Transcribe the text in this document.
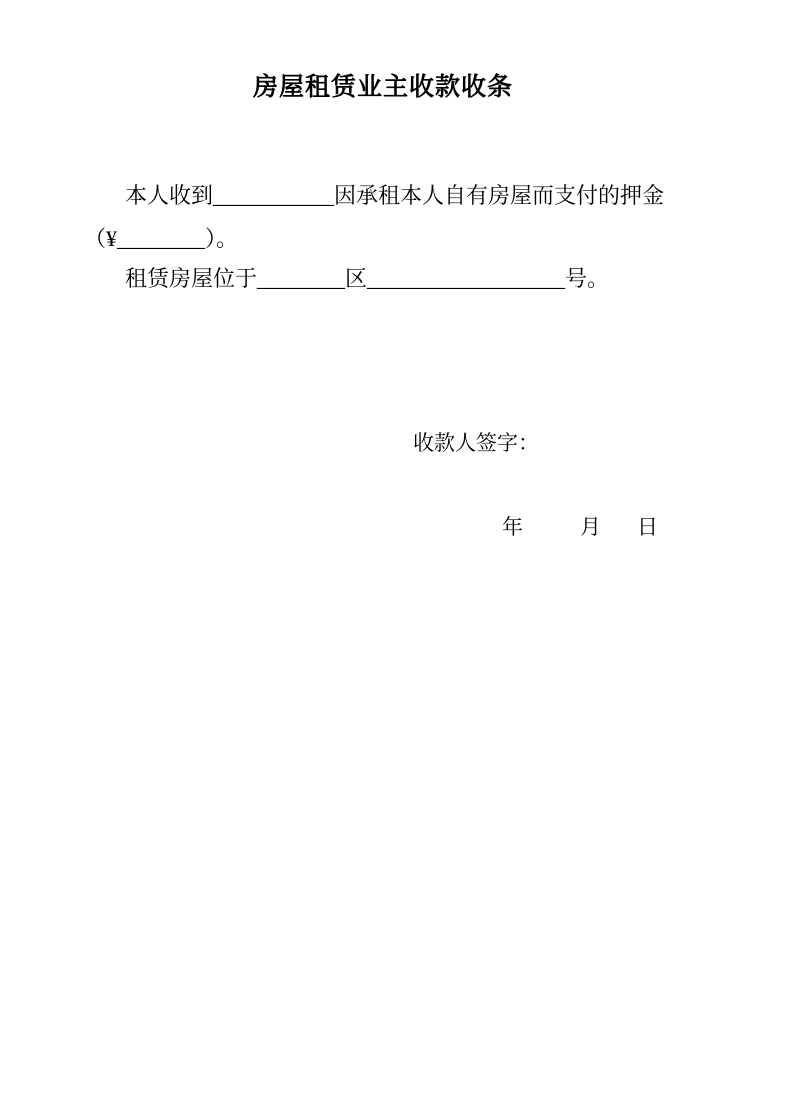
房屋租赁业主收款收条
本人收到___________因承租本人自有房屋而支付的押金
（¥________）。
租赁房屋位于________区__________________号。
收款人签字：
年	月 日
